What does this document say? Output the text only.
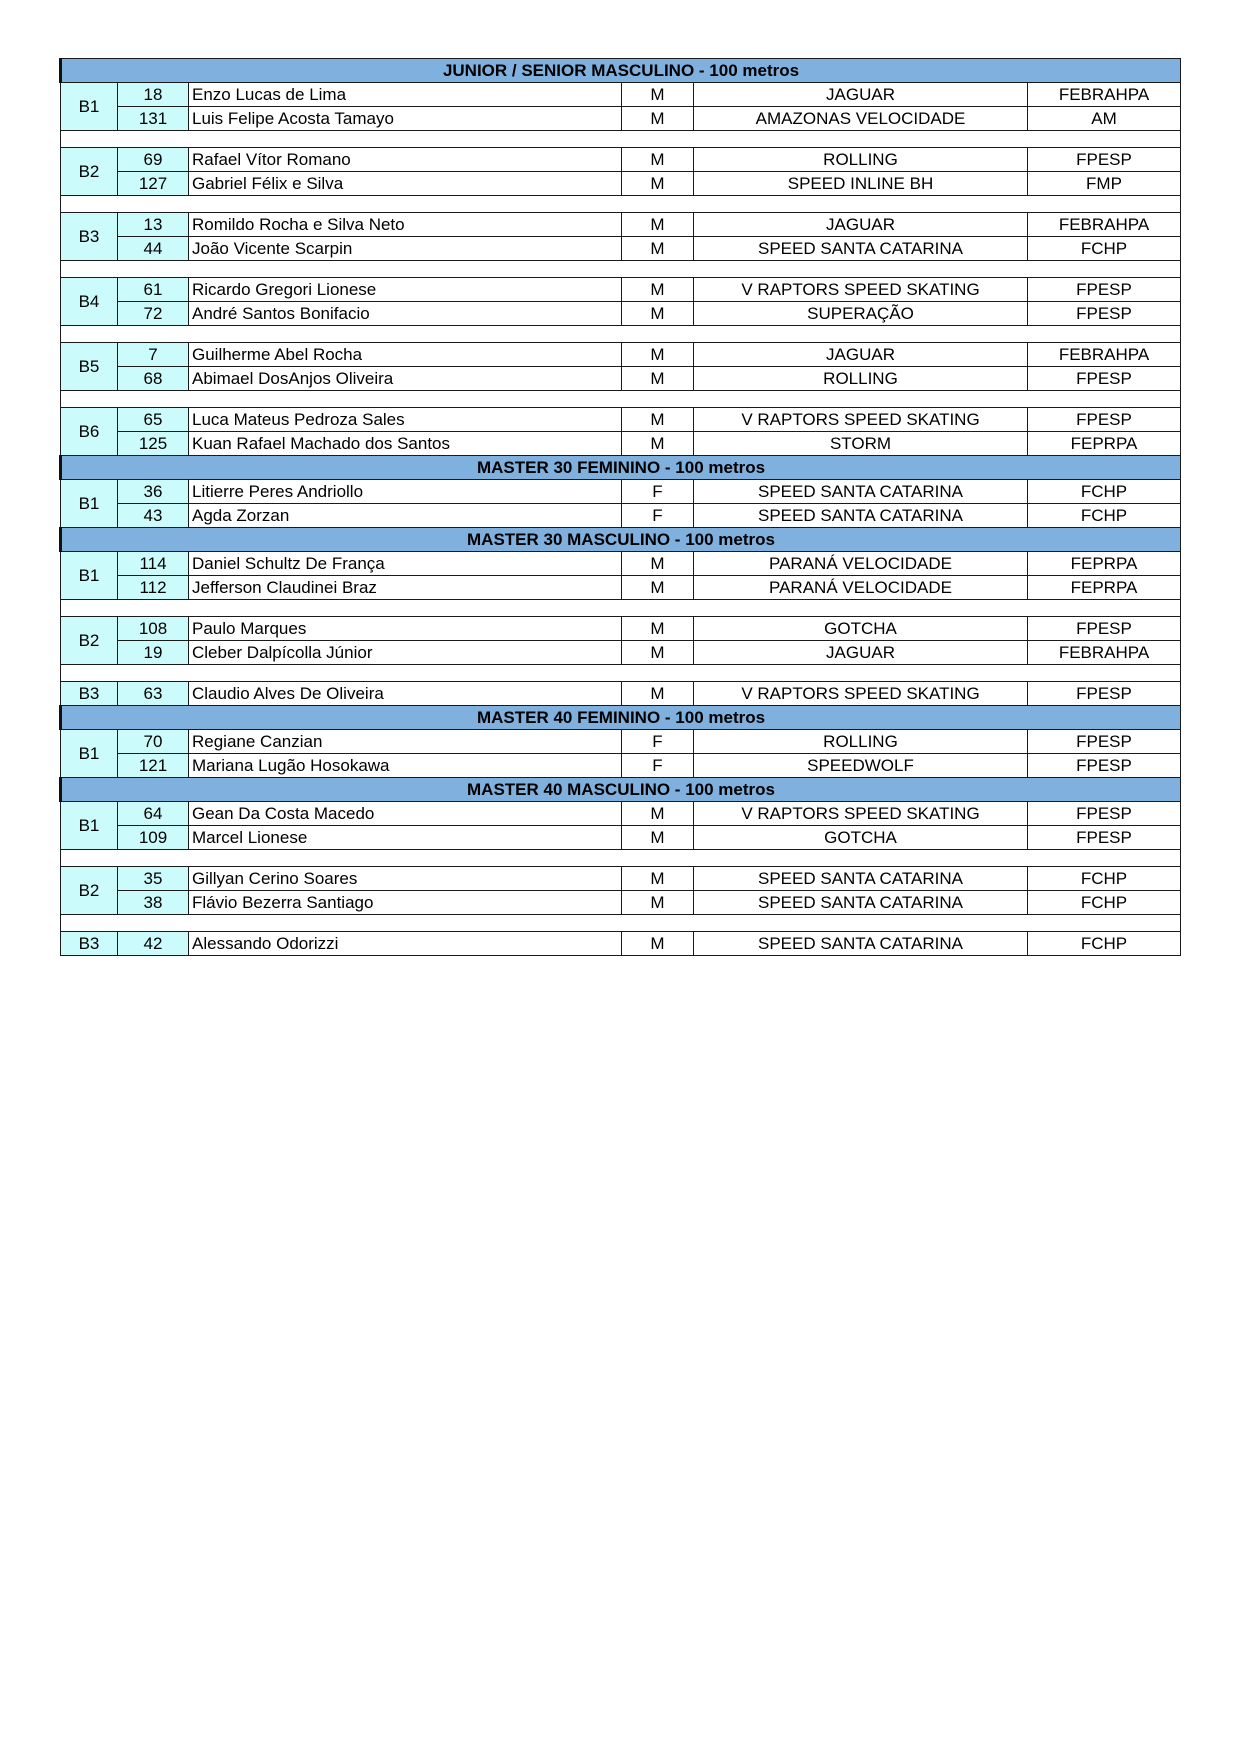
JUNIOR / SENIOR MASCULINO - 100 metros					
B1	18	Enzo Lucas de Lima	M	JAGUAR	FEBRAHPA
	131	Luis Felipe Acosta Tamayo	M	AMAZONAS VELOCIDADE	AM

B2	69	Rafael Vítor Romano	M	ROLLING	FPESP
	127	Gabriel Félix e Silva	M	SPEED INLINE BH	FMP

B3	13	Romildo Rocha e Silva Neto	M	JAGUAR	FEBRAHPA
	44	João Vicente Scarpin	M	SPEED SANTA CATARINA	FCHP

B4	61	Ricardo Gregori Lionese	M	V RAPTORS SPEED SKATING	FPESP
	72	André Santos Bonifacio	M	SUPERAÇÃO	FPESP

B5	7	Guilherme Abel Rocha	M	JAGUAR	FEBRAHPA
	68	Abimael DosAnjos Oliveira	M	ROLLING	FPESP

B6	65	Luca Mateus Pedroza Sales	M	V RAPTORS SPEED SKATING	FPESP
	125	Kuan Rafael Machado dos Santos	M	STORM	FEPRPA
MASTER 30 FEMININO - 100 metros					
B1	36	Litierre Peres Andriollo	F	SPEED SANTA CATARINA	FCHP
	43	Agda Zorzan	F	SPEED SANTA CATARINA	FCHP
MASTER 30 MASCULINO - 100 metros					
B1	114	Daniel Schultz De França	M	PARANÁ VELOCIDADE	FEPRPA
	112	Jefferson Claudinei Braz	M	PARANÁ VELOCIDADE	FEPRPA

B2	108	Paulo Marques	M	GOTCHA	FPESP
	19	Cleber Dalpícolla Júnior	M	JAGUAR	FEBRAHPA

B3	63	Claudio Alves De Oliveira	M	V RAPTORS SPEED SKATING	FPESP
MASTER 40 FEMININO - 100 metros					
B1	70	Regiane Canzian	F	ROLLING	FPESP
	121	Mariana Lugão Hosokawa	F	SPEEDWOLF	FPESP
MASTER 40 MASCULINO - 100 metros					
B1	64	Gean Da Costa Macedo	M	V RAPTORS SPEED SKATING	FPESP
	109	Marcel Lionese	M	GOTCHA	FPESP

B2	35	Gillyan Cerino Soares	M	SPEED SANTA CATARINA	FCHP
	38	Flávio Bezerra Santiago	M	SPEED SANTA CATARINA	FCHP

B3	42	Alessando Odorizzi	M	SPEED SANTA CATARINA	FCHP
